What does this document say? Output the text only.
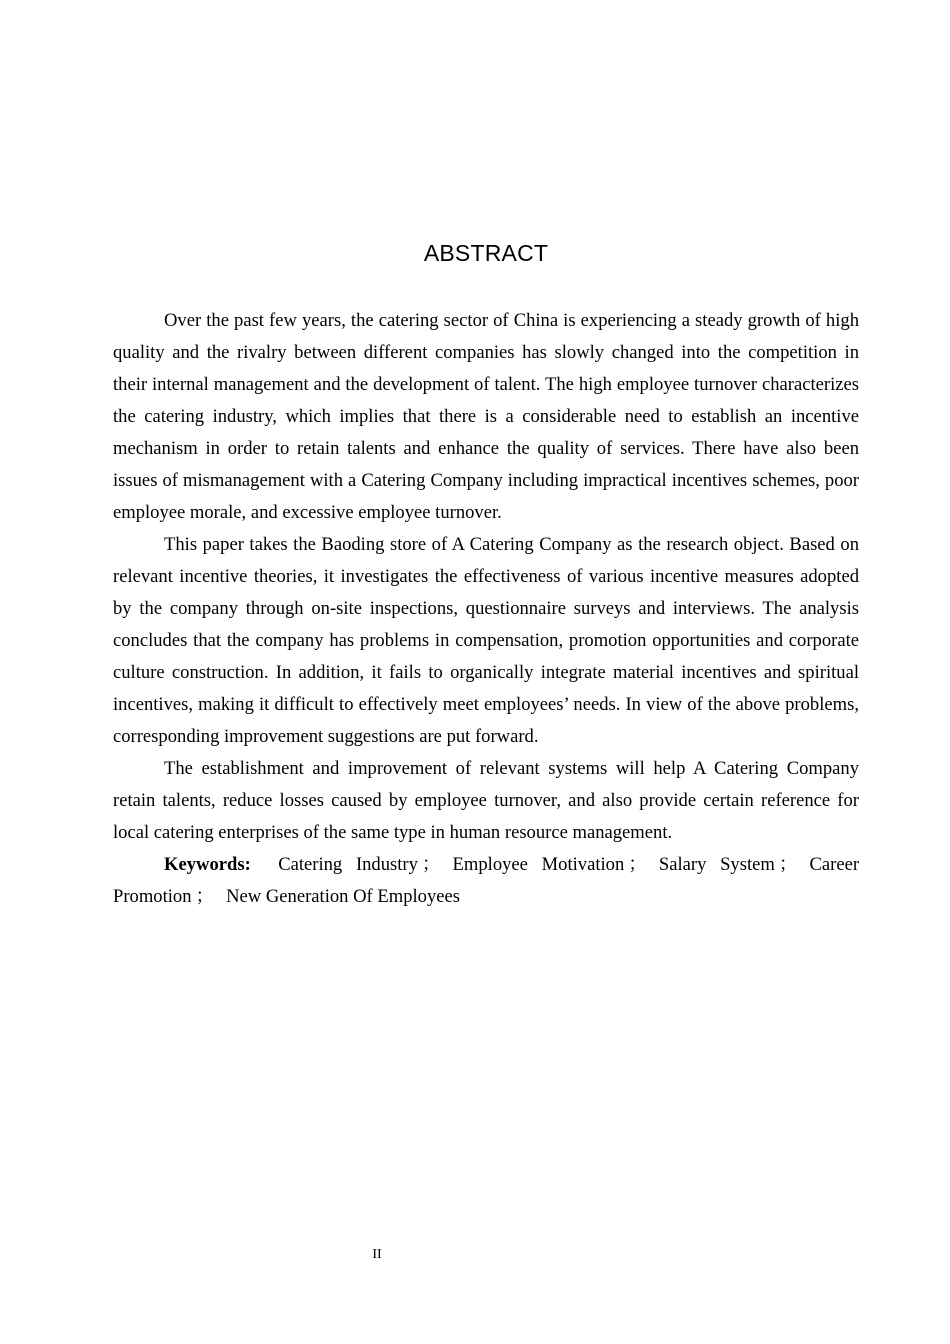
ABSTRACT

Over the past few years, the catering sector of China is experiencing a steady growth of high quality and the rivalry between different companies has slowly changed into the competition in their internal management and the development of talent. The high employee turnover characterizes the catering industry, which implies that there is a considerable need to establish an incentive mechanism in order to retain talents and enhance the quality of services. There have also been issues of mismanagement with a Catering Company including impractical incentives schemes, poor employee morale, and excessive employee turnover.

This paper takes the Baoding store of A Catering Company as the research object. Based on relevant incentive theories, it investigates the effectiveness of various incentive measures adopted by the company through on-site inspections, questionnaire surveys and interviews. The analysis concludes that the company has problems in compensation, promotion opportunities and corporate culture construction. In addition, it fails to organically integrate material incentives and spiritual incentives, making it difficult to effectively meet employees’ needs. In view of the above problems, corresponding improvement suggestions are put forward.

The establishment and improvement of relevant systems will help A Catering Company retain talents, reduce losses caused by employee turnover, and also provide certain reference for local catering enterprises of the same type in human resource management.

Keywords: Catering Industry ； Employee Motivation ； Salary System ； Career Promotion ； New Generation Of Employees

II
